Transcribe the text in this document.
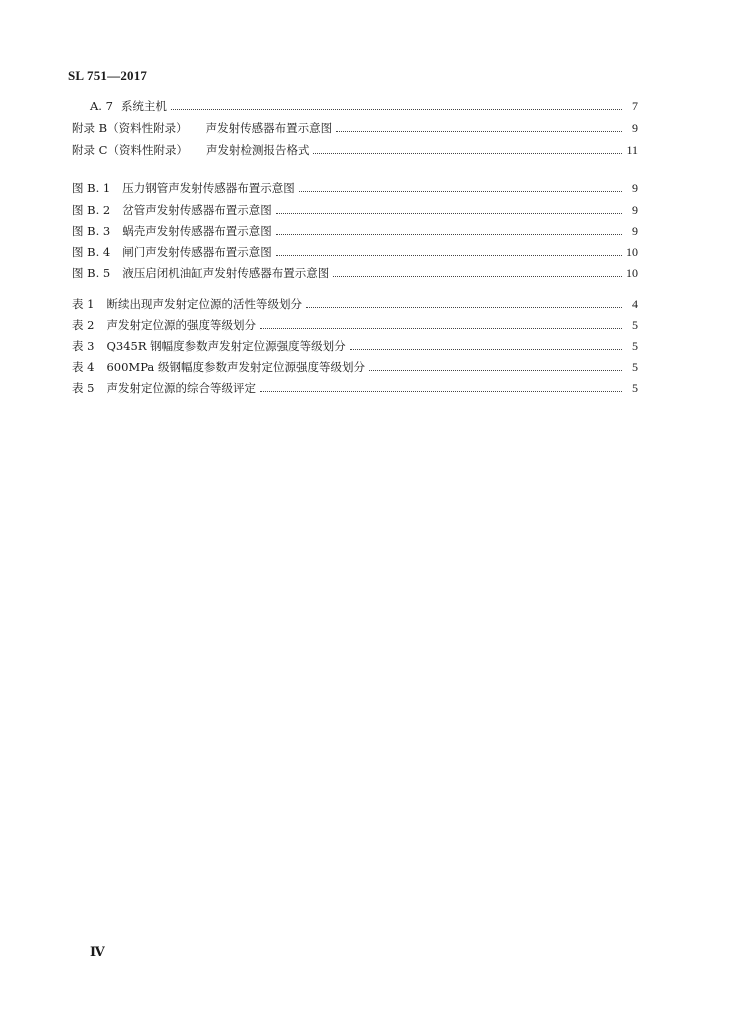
SL 751—2017
A. 7 系统主机	7
附录 B（资料性附录）	声发射传感器布置示意图	9
附录 C（资料性附录）	声发射检测报告格式	11
图 B. 1	压力钢管声发射传感器布置示意图	9
图 B. 2	岔管声发射传感器布置示意图	9
图 B. 3	蜗壳声发射传感器布置示意图	9
图 B. 4	闸门声发射传感器布置示意图	10
图 B. 5	液压启闭机油缸声发射传感器布置示意图	10
表 1	断续出现声发射定位源的活性等级划分	4
表 2	声发射定位源的强度等级划分	5
表 3	Q345R 钢幅度参数声发射定位源强度等级划分	5
表 4	600MPa 级钢幅度参数声发射定位源强度等级划分	5
表 5	声发射定位源的综合等级评定	5
Ⅳ
